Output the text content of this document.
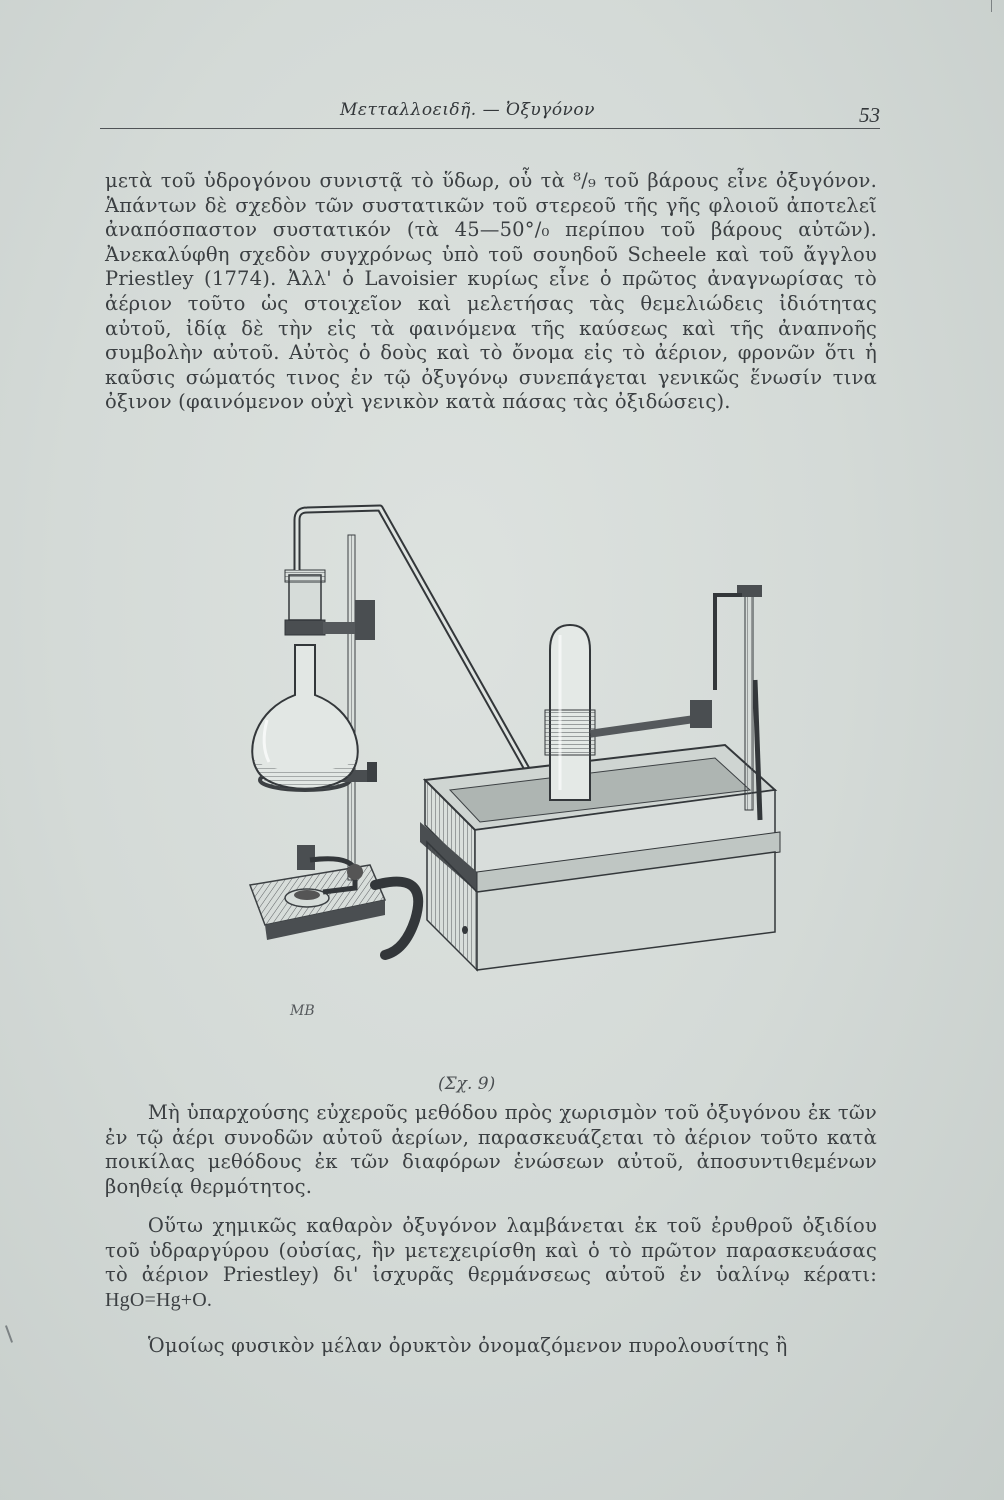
Μετταλλοειδῆ. — Ὀξυγόνον	53
μετὰ τοῦ ὑδρογόνου συνιστᾷ τὸ ὕδωρ, οὗ τὰ ⁸/₉ τοῦ βάρους εἶνε ὀξυγόνον. Ἁπάντων δὲ σχεδὸν τῶν συστατικῶν τοῦ στερεοῦ τῆς γῆς φλοιοῦ ἀποτελεῖ ἀναπόσπαστον συστατικόν (τὰ 45—50°/₀ περίπου τοῦ βάρους αὐτῶν). Ἀνεκαλύφθη σχεδὸν συγχρόνως ὑπὸ τοῦ σουηδοῦ Scheele καὶ τοῦ ἄγγλου Priestley (1774). Ἀλλ' ὁ Lavoisier κυρίως εἶνε ὁ πρῶτος ἀναγνωρίσας τὸ ἀέριον τοῦτο ὡς στοιχεῖον καὶ μελετήσας τὰς θεμελιώδεις ἰδιότητας αὐτοῦ, ἰδίᾳ δὲ τὴν εἰς τὰ φαινόμενα τῆς καύσεως καὶ τῆς ἀναπνοῆς συμβολὴν αὐτοῦ. Αὐτὸς ὁ δοὺς καὶ τὸ ὄνομα εἰς τὸ ἀέριον, φρονῶν ὅτι ἡ καῦσις σώματός τινος ἐν τῷ ὀξυγόνῳ συνεπάγεται γενικῶς ἕνωσίν τινα ὀξινον (φαινόμενον οὐχὶ γενικὸν κατὰ πάσας τὰς ὀξιδώσεις).
MB
(Σχ. 9)
Μὴ ὑπαρχούσης εὐχεροῦς μεθόδου πρὸς χωρισμὸν τοῦ ὀξυγόνου ἐκ τῶν ἐν τῷ ἀέρι συνοδῶν αὐτοῦ ἀερίων, παρασκευάζεται τὸ ἀέριον τοῦτο κατὰ ποικίλας μεθόδους ἐκ τῶν διαφόρων ἑνώσεων αὐτοῦ, ἀποσυντιθεμένων βοηθείᾳ θερμότητος.
Οὕτω χημικῶς καθαρὸν ὀξυγόνον λαμβάνεται ἐκ τοῦ ἐρυθροῦ ὀξιδίου τοῦ ὑδραργύρου (οὐσίας, ἣν μετεχειρίσθη καὶ ὁ τὸ πρῶτον παρασκευάσας τὸ ἀέριον Priestley) δι' ἰσχυρᾶς θερμάνσεως αὐτοῦ ἐν ὑαλίνῳ κέρατι: HgO=Hg+O.
Ὁμοίως φυσικὸν μέλαν ὀρυκτὸν ὀνομαζόμενον πυρολουσίτης ἢ
